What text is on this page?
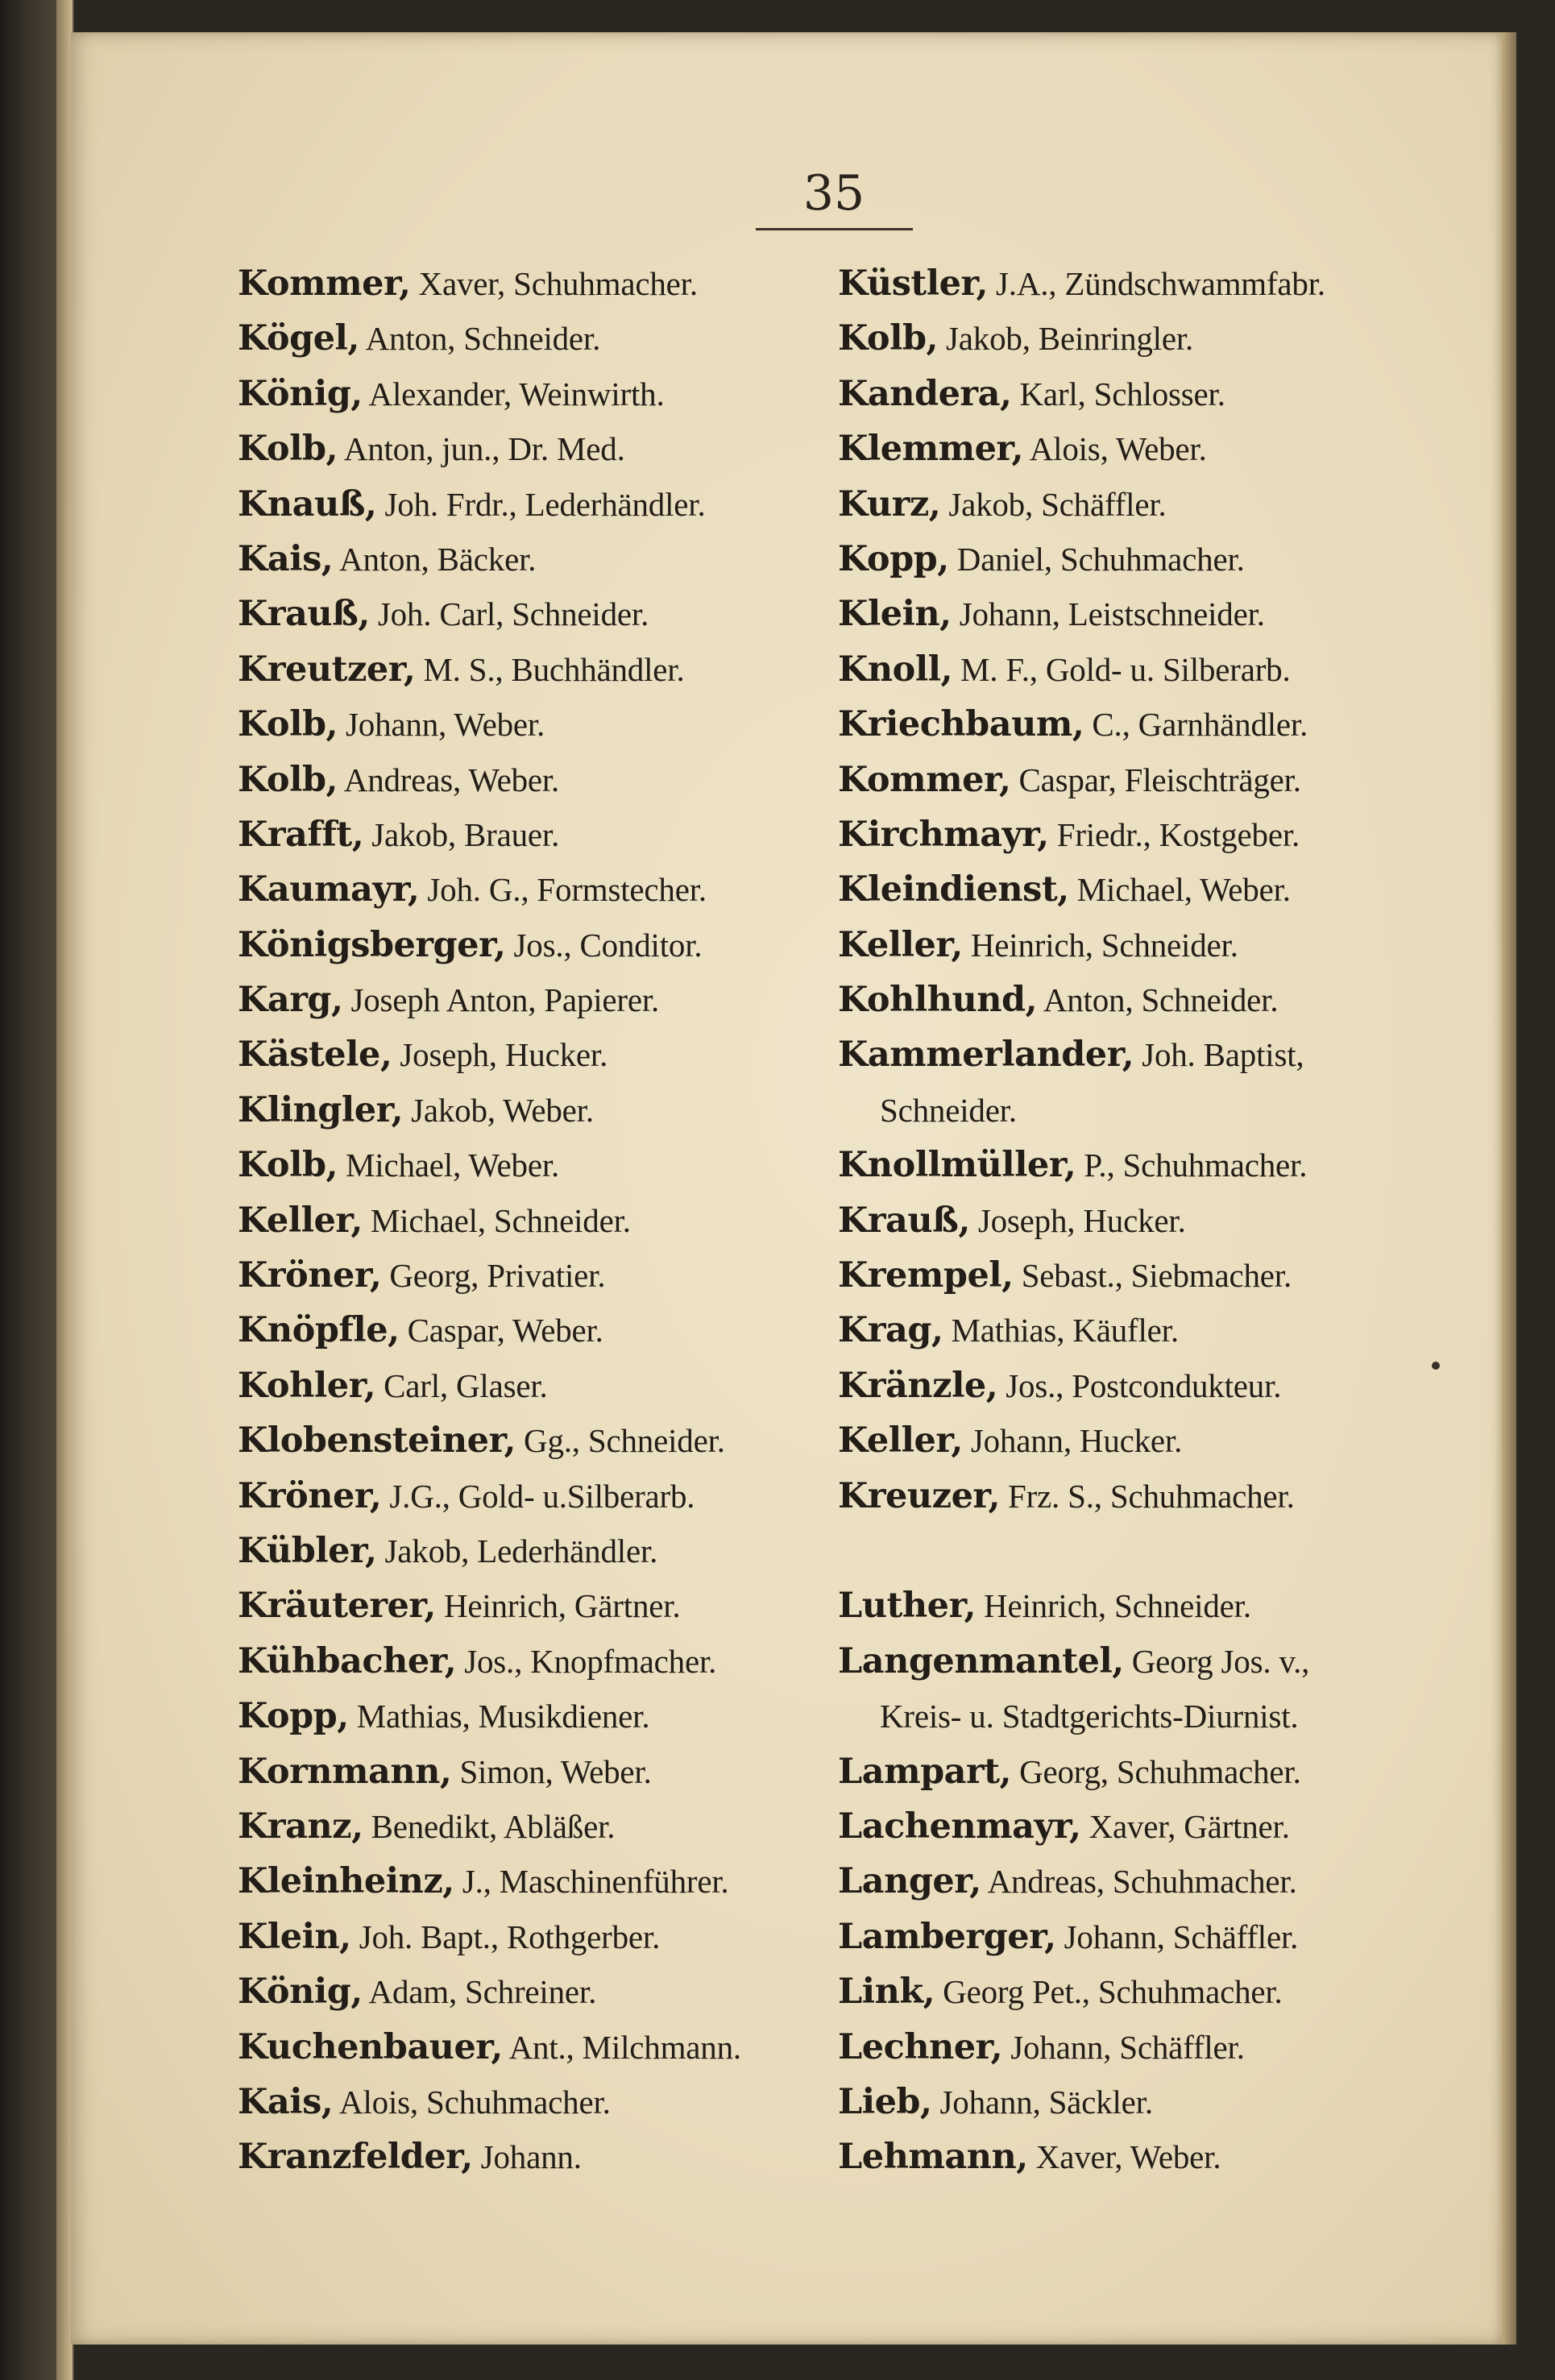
35
Kommer, Xaver, Schuhmacher.
Kögel, Anton, Schneider.
König, Alexander, Weinwirth.
Kolb, Anton, jun., Dr. Med.
Knauß, Joh. Frdr., Lederhändler.
Kais, Anton, Bäcker.
Krauß, Joh. Carl, Schneider.
Kreutzer, M. S., Buchhändler.
Kolb, Johann, Weber.
Kolb, Andreas, Weber.
Krafft, Jakob, Brauer.
Kaumayr, Joh. G., Formstecher.
Königsberger, Jos., Conditor.
Karg, Joseph Anton, Papierer.
Kästele, Joseph, Hucker.
Klingler, Jakob, Weber.
Kolb, Michael, Weber.
Keller, Michael, Schneider.
Kröner, Georg, Privatier.
Knöpfle, Caspar, Weber.
Kohler, Carl, Glaser.
Klobensteiner, Gg., Schneider.
Kröner, J.G., Gold- u.Silberarb.
Kübler, Jakob, Lederhändler.
Kräuterer, Heinrich, Gärtner.
Kühbacher, Jos., Knopfmacher.
Kopp, Mathias, Musikdiener.
Kornmann, Simon, Weber.
Kranz, Benedikt, Abläßer.
Kleinheinz, J., Maschinenführer.
Klein, Joh. Bapt., Rothgerber.
König, Adam, Schreiner.
Kuchenbauer, Ant., Milchmann.
Kais, Alois, Schuhmacher.
Kranzfelder, Johann.
Küstler, J.A., Zündschwammfabr.
Kolb, Jakob, Beinringler.
Kandera, Karl, Schlosser.
Klemmer, Alois, Weber.
Kurz, Jakob, Schäffler.
Kopp, Daniel, Schuhmacher.
Klein, Johann, Leistschneider.
Knoll, M. F., Gold- u. Silberarb.
Kriechbaum, C., Garnhändler.
Kommer, Caspar, Fleischträger.
Kirchmayr, Friedr., Kostgeber.
Kleindienst, Michael, Weber.
Keller, Heinrich, Schneider.
Kohlhund, Anton, Schneider.
Kammerlander, Joh. Baptist,
Schneider.
Knollmüller, P., Schuhmacher.
Krauß, Joseph, Hucker.
Krempel, Sebast., Siebmacher.
Krag, Mathias, Käufler.
Kränzle, Jos., Postcondukteur.
Keller, Johann, Hucker.
Kreuzer, Frz. S., Schuhmacher.
Luther, Heinrich, Schneider.
Langenmantel, Georg Jos. v.,
Kreis- u. Stadtgerichts-Diurnist.
Lampart, Georg, Schuhmacher.
Lachenmayr, Xaver, Gärtner.
Langer, Andreas, Schuhmacher.
Lamberger, Johann, Schäffler.
Link, Georg Pet., Schuhmacher.
Lechner, Johann, Schäffler.
Lieb, Johann, Säckler.
Lehmann, Xaver, Weber.
